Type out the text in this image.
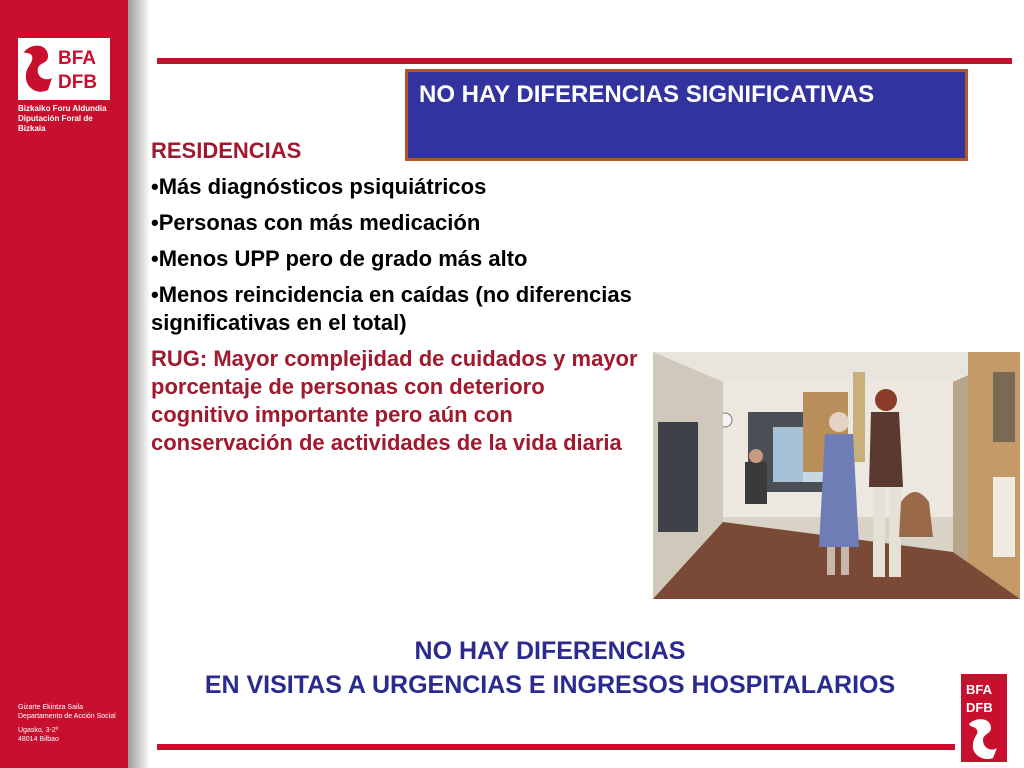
BFA
DFB
Bizkaiko Foru Aldundia
Diputación Foral de Bizkaia
Gizarte Ekintza Saila
Departamento de Acción Social
Ugasko, 3-2º
48014 Bilbao
NO HAY DIFERENCIAS SIGNIFICATIVAS
RESIDENCIAS
•Más diagnósticos psiquiátricos
•Personas con más medicación
•Menos UPP pero de grado más alto
•Menos reincidencia en caídas (no diferencias significativas en el total)
RUG: Mayor complejidad de cuidados y mayor porcentaje de personas con deterioro cognitivo importante pero aún con conservación de actividades de la vida diaria
NO HAY DIFERENCIAS
EN VISITAS A URGENCIAS E INGRESOS HOSPITALARIOS	BFA
DFB
